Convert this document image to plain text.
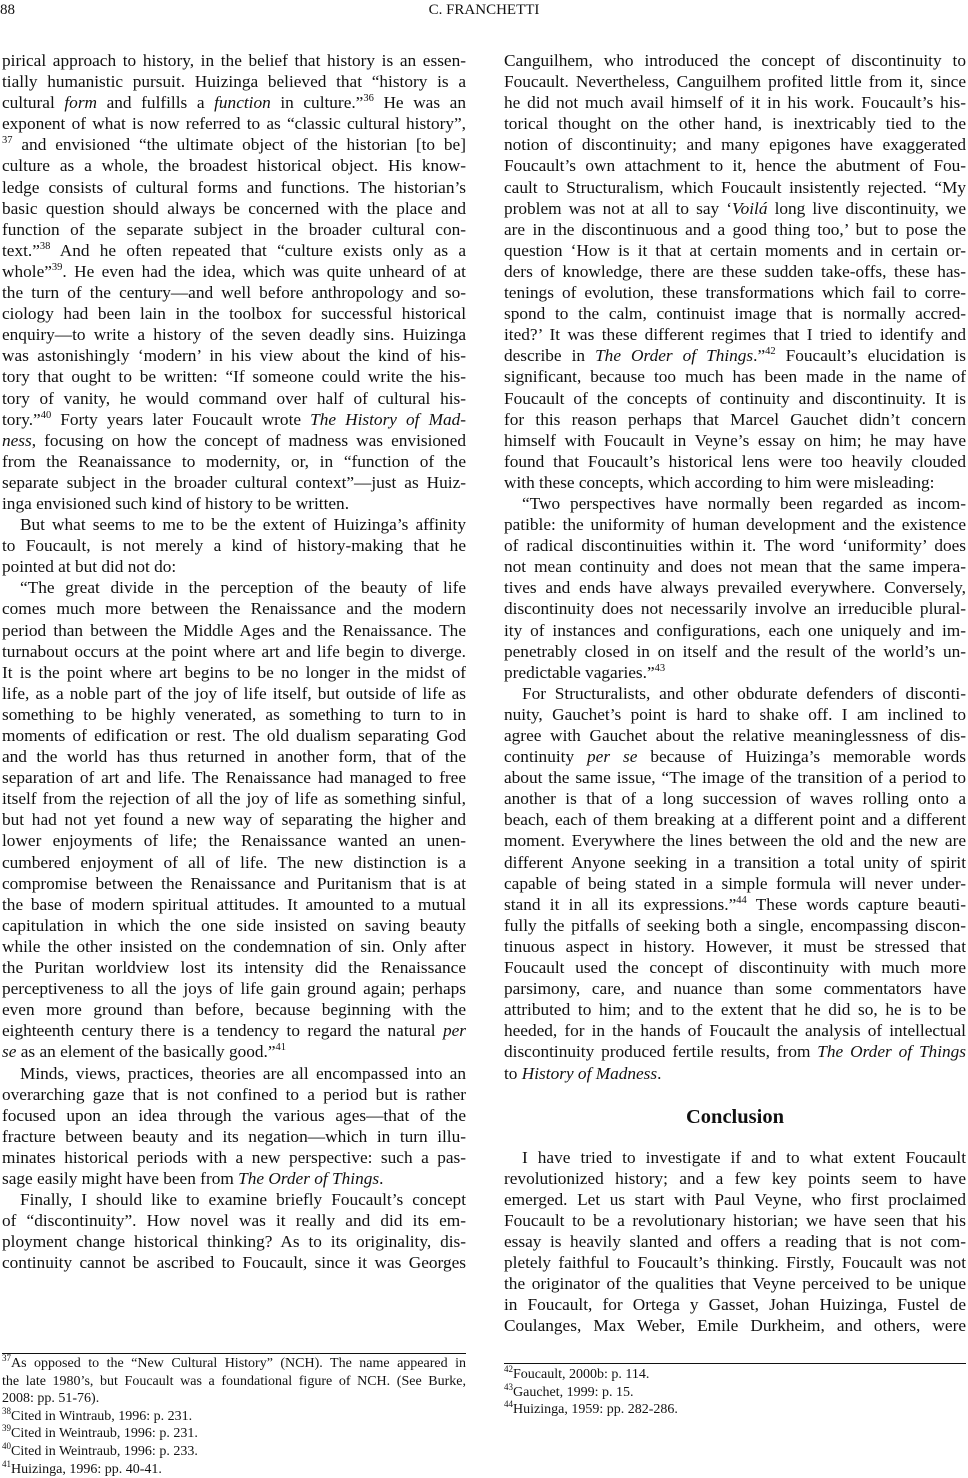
88	C. FRANCHETTI
pirical approach to history, in the belief that history is an essen-
tially humanistic pursuit. Huizinga believed that “history is a
cultural form and fulfills a function in culture.”$^{36}$ He was an
exponent of what is now referred to as “classic cultural history”,
$^{37}$ and envisioned “the ultimate object of the historian [to be]
culture as a whole, the broadest historical object. His know-
ledge consists of cultural forms and functions. The historian’s
basic question should always be concerned with the place and
function of the separate subject in the broader cultural con-
text.”$^{38}$ And he often repeated that “culture exists only as a
whole”$^{39}$. He even had the idea, which was quite unheard of at
the turn of the century—and well before anthropology and so-
ciology had been lain in the toolbox for successful historical
enquiry—to write a history of the seven deadly sins. Huizinga
was astonishingly ‘modern’ in his view about the kind of his-
tory that ought to be written: “If someone could write the his-
tory of vanity, he would command over half of cultural his-
tory.”$^{40}$ Forty years later Foucault wrote The History of Mad-
ness, focusing on how the concept of madness was envisioned
from the Reanaissance to modernity, or, in “function of the
separate subject in the broader cultural context”—just as Huiz-
inga envisioned such kind of history to be written.
But what seems to me to be the extent of Huizinga’s affinity
to Foucault, is not merely a kind of history-making that he
pointed at but did not do:
“The great divide in the perception of the beauty of life
comes much more between the Renaissance and the modern
period than between the Middle Ages and the Renaissance. The
turnabout occurs at the point where art and life begin to diverge.
It is the point where art begins to be no longer in the midst of
life, as a noble part of the joy of life itself, but outside of life as
something to be highly venerated, as something to turn to in
moments of edification or rest. The old dualism separating God
and the world has thus returned in another form, that of the
separation of art and life. The Renaissance had managed to free
itself from the rejection of all the joy of life as something sinful,
but had not yet found a new way of separating the higher and
lower enjoyments of life; the Renaissance wanted an unen-
cumbered enjoyment of all of life. The new distinction is a
compromise between the Renaissance and Puritanism that is at
the base of modern spiritual attitudes. It amounted to a mutual
capitulation in which the one side insisted on saving beauty
while the other insisted on the condemnation of sin. Only after
the Puritan worldview lost its intensity did the Renaissance
perceptiveness to all the joys of life gain ground again; perhaps
even more ground than before, because beginning with the
eighteenth century there is a tendency to regard the natural per
se as an element of the basically good.”$^{41}$
Minds, views, practices, theories are all encompassed into an
overarching gaze that is not confined to a period but is rather
focused upon an idea through the various ages—that of the
fracture between beauty and its negation—which in turn illu-
minates historical periods with a new perspective: such a pas-
sage easily might have been from The Order of Things.
Finally, I should like to examine briefly Foucault’s concept
of “discontinuity”. How novel was it really and did its em-
ployment change historical thinking? As to its originality, dis-
continuity cannot be ascribed to Foucault, since it was Georges
$^{37}$As opposed to the “New Cultural History” (NCH). The name appeared in
the late 1980’s, but Foucault was a foundational figure of NCH. (See Burke,
2008: pp. 51-76).
$^{38}$Cited in Wintraub, 1996: p. 231.
$^{39}$Cited in Weintraub, 1996: p. 231.
$^{40}$Cited in Weintraub, 1996: p. 233.
$^{41}$Huizinga, 1996: pp. 40-41.
Canguilhem, who introduced the concept of discontinuity to
Foucault. Nevertheless, Canguilhem profited little from it, since
he did not much avail himself of it in his work. Foucault’s his-
torical thought on the other hand, is inextricably tied to the
notion of discontinuity; and many epigones have exaggerated
Foucault’s own attachment to it, hence the abutment of Fou-
cault to Structuralism, which Foucault insistently rejected. “My
problem was not at all to say ‘Voilá long live discontinuity, we
are in the discontinuous and a good thing too,’ but to pose the
question ‘How is it that at certain moments and in certain or-
ders of knowledge, there are these sudden take-offs, these has-
tenings of evolution, these transformations which fail to corre-
spond to the calm, continuist image that is normally accred-
ited?’ It was these different regimes that I tried to identify and
describe in The Order of Things.”$^{42}$ Foucault’s elucidation is
significant, because too much has been made in the name of
Foucault of the concepts of continuity and discontinuity. It is
for this reason perhaps that Marcel Gauchet didn’t concern
himself with Foucault in Veyne’s essay on him; he may have
found that Foucault’s historical lens were too heavily clouded
with these concepts, which according to him were misleading:
“Two perspectives have normally been regarded as incom-
patible: the uniformity of human development and the existence
of radical discontinuities within it. The word ‘uniformity’ does
not mean continuity and does not mean that the same impera-
tives and ends have always prevailed everywhere. Conversely,
discontinuity does not necessarily involve an irreducible plural-
ity of instances and configurations, each one uniquely and im-
penetrably closed in on itself and the result of the world’s un-
predictable vagaries.”$^{43}$
For Structuralists, and other obdurate defenders of disconti-
nuity, Gauchet’s point is hard to shake off. I am inclined to
agree with Gauchet about the relative meaninglessness of dis-
continuity per se because of Huizinga’s memorable words
about the same issue, “The image of the transition of a period to
another is that of a long succession of waves rolling onto a
beach, each of them breaking at a different point and a different
moment. Everywhere the lines between the old and the new are
different Anyone seeking in a transition a total unity of spirit
capable of being stated in a simple formula will never under-
stand it in all its expressions.”$^{44}$ These words capture beauti-
fully the pitfalls of seeking both a single, encompassing discon-
tinuous aspect in history. However, it must be stressed that
Foucault used the concept of discontinuity with much more
parsimony, care, and nuance than some commentators have
attributed to him; and to the extent that he did so, he is to be
heeded, for in the hands of Foucault the analysis of intellectual
discontinuity produced fertile results, from The Order of Things
to History of Madness.
Conclusion
I have tried to investigate if and to what extent Foucault
revolutionized history; and a few key points seem to have
emerged. Let us start with Paul Veyne, who first proclaimed
Foucault to be a revolutionary historian; we have seen that his
essay is heavily slanted and offers a reading that is not com-
pletely faithful to Foucault’s thinking. Firstly, Foucault was not
the originator of the qualities that Veyne perceived to be unique
in Foucault, for Ortega y Gasset, Johan Huizinga, Fustel de
Coulanges, Max Weber, Emile Durkheim, and others, were
$^{42}$Foucault, 2000b: p. 114.
$^{43}$Gauchet, 1999: p. 15.
$^{44}$Huizinga, 1959: pp. 282-286.
